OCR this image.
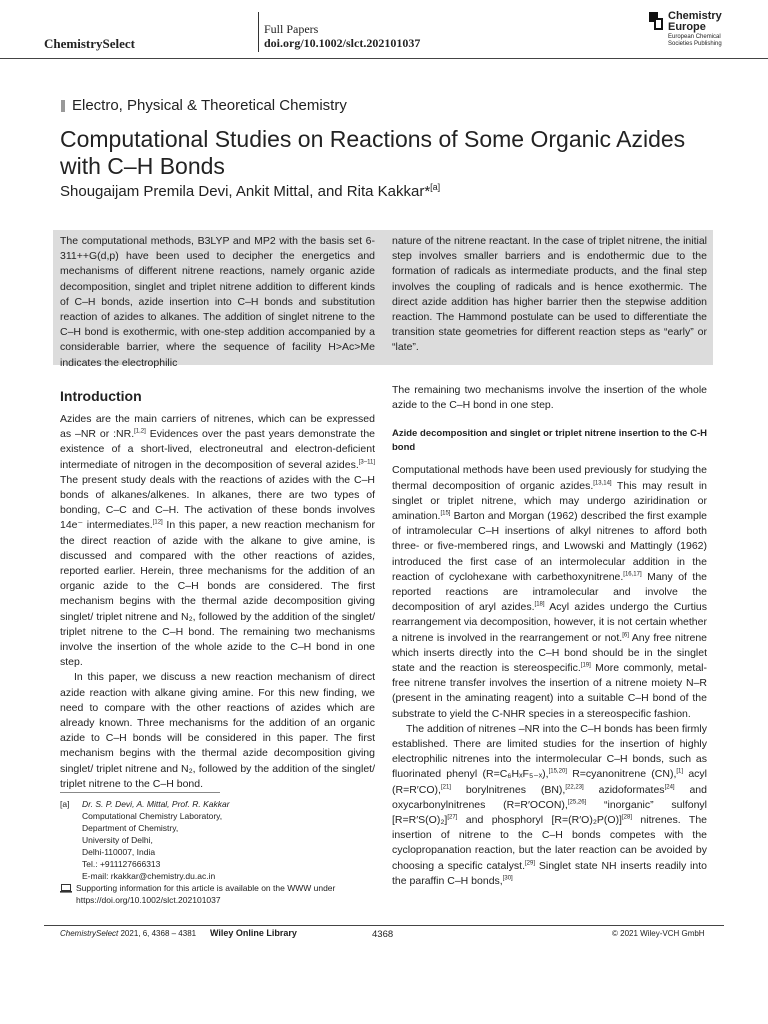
ChemistrySelect
Full Papers
doi.org/10.1002/slct.202101037
Chemistry Europe
European Chemical Societies Publishing
Electro, Physical & Theoretical Chemistry
Computational Studies on Reactions of Some Organic Azides with C–H Bonds
Shougaijam Premila Devi, Ankit Mittal, and Rita Kakkar*[a]
The computational methods, B3LYP and MP2 with the basis set 6-311++G(d,p) have been used to decipher the energetics and mechanisms of different nitrene reactions, namely organic azide decomposition, singlet and triplet nitrene addition to different kinds of C–H bonds, azide insertion into C–H bonds and substitution reaction of azides to alkanes. The addition of singlet nitrene to the C–H bond is exothermic, with one-step addition accompanied by a considerable barrier, where the sequence of facility H>Ac>Me indicates the electrophilic
nature of the nitrene reactant. In the case of triplet nitrene, the initial step involves smaller barriers and is endothermic due to the formation of radicals as intermediate products, and the final step involves the coupling of radicals and is hence exothermic. The direct azide addition has higher barrier then the stepwise addition reaction. The Hammond postulate can be used to differentiate the transition state geometries for different reaction steps as “early” or “late”.
Introduction

Azides are the main carriers of nitrenes, which can be expressed as –NR or :NR.[1,2] Evidences over the past years demonstrate the existence of a short-lived, electroneutral and electron-deficient intermediate of nitrogen in the decomposition of several azides.[3–11] The present study deals with the reactions of azides with the C–H bonds of alkanes/alkenes. In alkanes, there are two types of bonding, C–C and C–H. The activation of these bonds involves 14e⁻ intermediates.[12] In this paper, a new reaction mechanism for the direct reaction of azide with the alkane to give amine, is discussed and compared with the other reactions of azides, reported earlier. Herein, three mechanisms for the addition of an organic azide to the C–H bonds are considered. The first mechanism begins with the thermal azide decomposition giving singlet/ triplet nitrene and N₂, followed by the addition of the singlet/ triplet nitrene to the C–H bond. The remaining two mechanisms involve the insertion of the whole azide to the C–H bond in one step.

In this paper, we discuss a new reaction mechanism of direct azide reaction with alkane giving amine. For this new finding, we need to compare with the other reactions of azides which are already known. Three mechanisms for the addition of an organic azide to C–H bonds will be considered in this paper. The first mechanism begins with the thermal azide decomposition giving singlet/ triplet nitrene and N₂, followed by the addition of the singlet/ triplet nitrene to the C–H bond.

The remaining two mechanisms involve the insertion of the whole azide to the C–H bond in one step.

Azide decomposition and singlet or triplet nitrene insertion to the C-H bond

Computational methods have been used previously for studying the thermal decomposition of organic azides.[13,14] This may result in singlet or triplet nitrene, which may undergo aziridination or amination.[15] Barton and Morgan (1962) described the first example of intramolecular C–H insertions of alkyl nitrenes to afford both three- or five-membered rings, and Lwowski and Mattingly (1962) introduced the first case of an intermolecular addition in the reaction of cyclohexane with carbethoxynitrene.[16,17] Many of the reported reactions are intramolecular and involve the decomposition of aryl azides.[18] Acyl azides undergo the Curtius rearrangement via decomposition, however, it is not certain whether a nitrene is involved in the rearrangement or not.[6] Any free nitrene which inserts directly into the C–H bond should be in the singlet state and the reaction is stereospecific.[19] More commonly, metal-free nitrene transfer involves the insertion of a nitrene moiety N–R (present in the aminating reagent) into a suitable C–H bond of the substrate to yield the C-NHR species in a stereospecific fashion.

The addition of nitrenes –NR into the C–H bonds has been firmly established. There are limited studies for the insertion of highly electrophilic nitrenes into the intermolecular C–H bonds, such as fluorinated phenyl (R=C₆HₓF₅₋ₓ),[15,20] R=cyanonitrene (CN),[1] acyl (R=R′CO),[21] borylnitrenes (BN),[22,23] azidoformates[24] and oxycarbonylnitrenes (R=R′OCON),[25,26] “inorganic” sulfonyl [R=R′S(O)₂][27] and phosphoryl [R=(R′O)₂P(O)][28] nitrenes. The insertion of nitrene to the C–H bonds competes with the cyclopropanation reaction, but the later reaction can be avoided by choosing a specific catalyst.[29] Singlet state NH inserts readily into the paraffin C–H bonds,[30]

[a] Dr. S. P. Devi, A. Mittal, Prof. R. Kakkar
Computational Chemistry Laboratory,
Department of Chemistry,
University of Delhi,
Delhi-110007, India
Tel.: +911127666313
E-mail: rkakkar@chemistry.du.ac.in
Supporting information for this article is available on the WWW under https://doi.org/10.1002/slct.202101037
ChemistrySelect 2021, 6, 4368 – 4381 Wiley Online Library	4368	© 2021 Wiley-VCH GmbH
